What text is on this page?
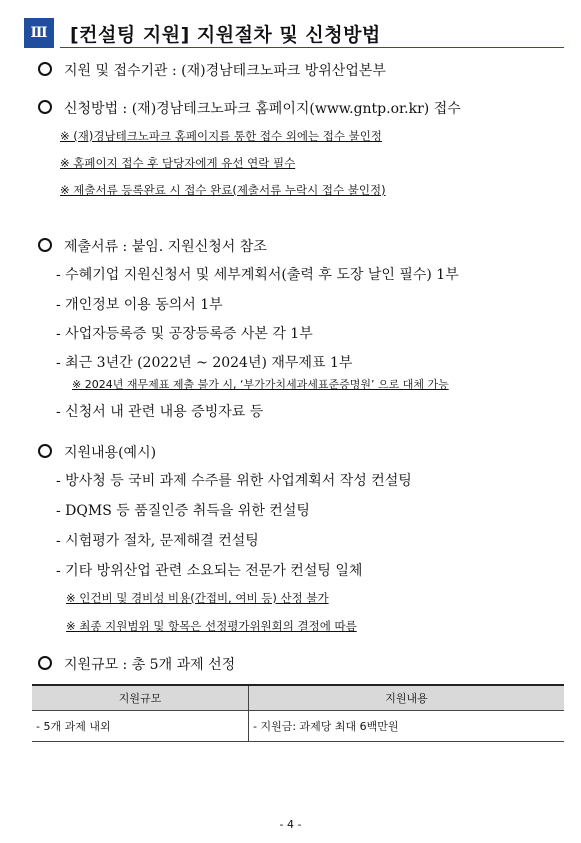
Ⅲ	[컨설팅 지원] 지원절차 및 신청방법
지원 및 접수기관 : (재)경남테크노파크 방위산업본부
신청방법 : (재)경남테크노파크 홈페이지(www.gntp.or.kr) 접수
※ (재)경남테크노파크 홈페이지를 통한 접수 외에는 접수 불인정
※ 홈페이지 접수 후 담당자에게 유선 연락 필수
※ 제출서류 등록완료 시 접수 완료(제출서류 누락시 접수 불인정)
제출서류 : 붙임. 지원신청서 참조
- 수혜기업 지원신청서 및 세부계획서(출력 후 도장 날인 필수) 1부
- 개인정보 이용 동의서 1부
- 사업자등록증 및 공장등록증 사본 각 1부
- 최근 3년간 (2022년 ~ 2024년) 재무제표 1부
※ 2024년 재무제표 제출 불가 시, ‘부가가치세과세표준증명원’ 으로 대체 가능
- 신청서 내 관련 내용 증빙자료 등
지원내용(예시)
- 방사청 등 국비 과제 수주를 위한 사업계획서 작성 컨설팅
- DQMS 등 품질인증 취득을 위한 컨설팅
- 시험평가 절차, 문제해결 컨설팅
- 기타 방위산업 관련 소요되는 전문가 컨설팅 일체
※ 인건비 및 경비성 비용(간접비, 여비 등) 산정 불가
※ 최종 지원범위 및 항목은 선정평가위원회의 결정에 따름
지원규모 : 총 5개 과제 선정
지원규모	지원내용
- 5개 과제 내외	- 지원금: 과제당 최대 6백만원
- 4 -
